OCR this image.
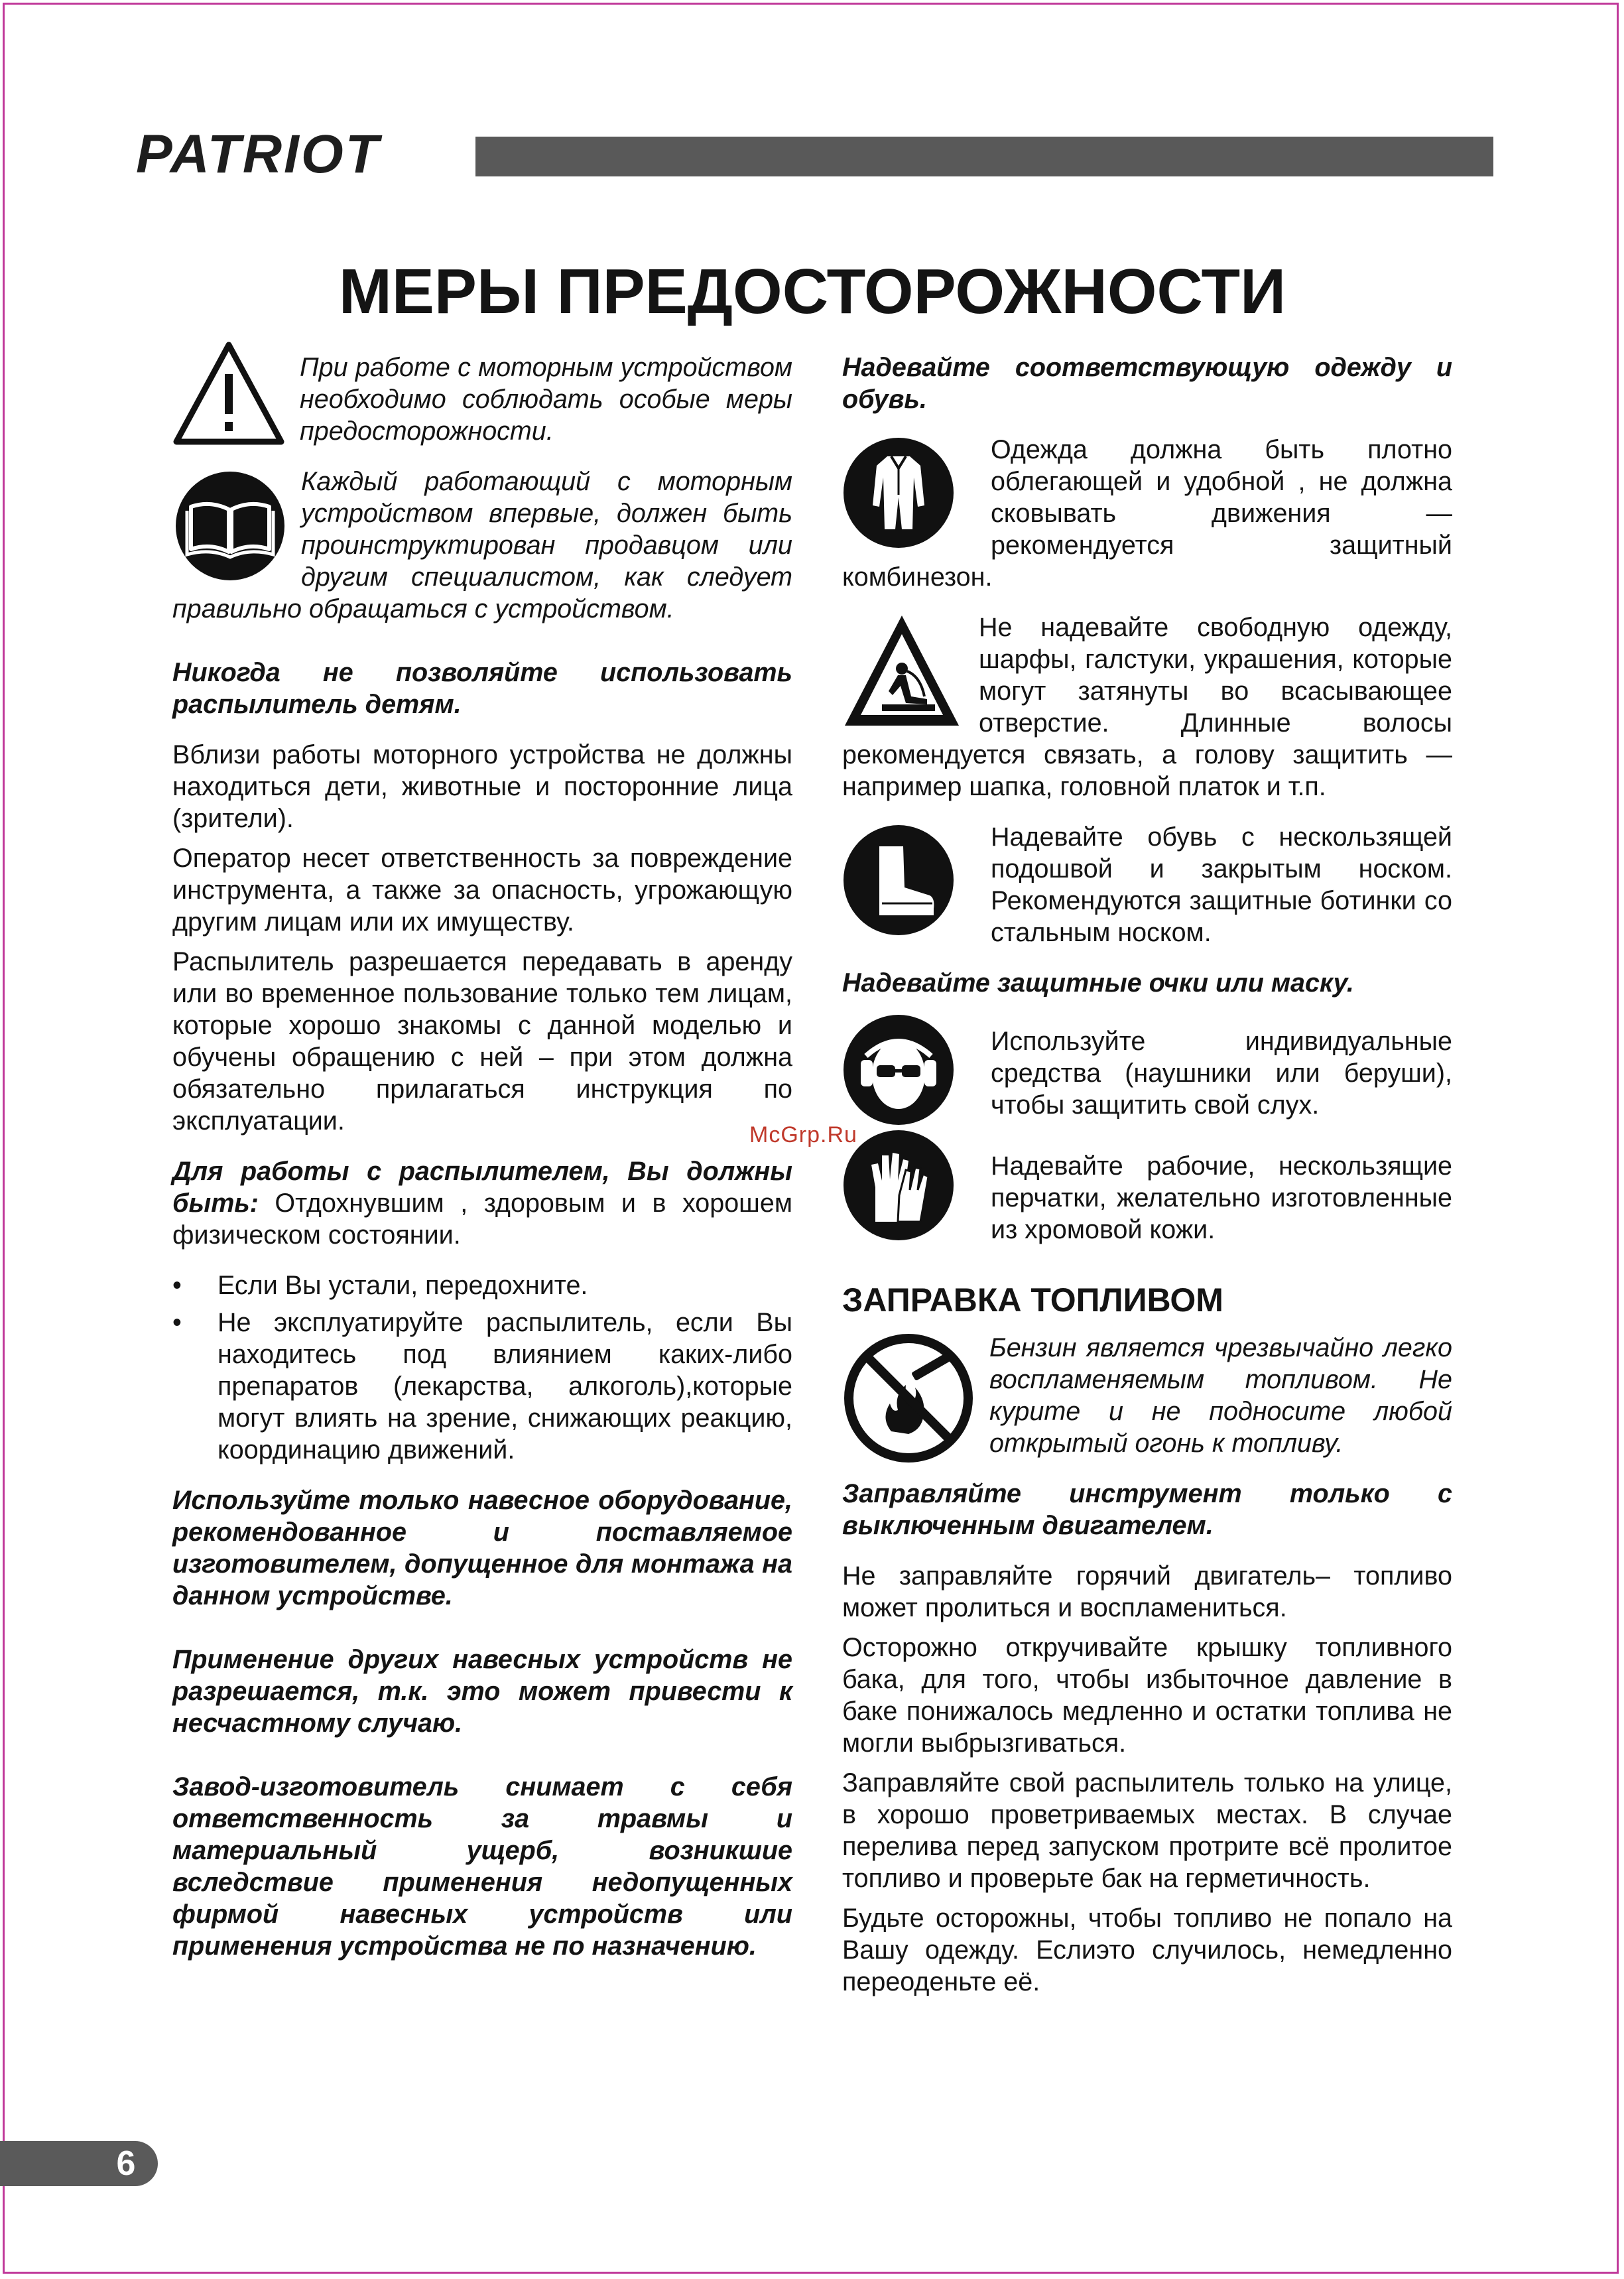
PATRIOT
МЕРЫ ПРЕДОСТОРОЖНОСТИ

При работе с моторным устройством необходимо соблюдать особые меры предосторожности.

Каждый работающий с моторным устройством впервые, должен быть проинструктирован продавцом или другим специалистом, как следует правильно обращаться с устройством.

Никогда не позволяйте использовать распылитель детям.

Вблизи работы моторного устройства не должны находиться дети, животные и посторонние лица (зрители).

Оператор несет ответственность за повреждение инструмента, а также за опасность, угрожающую другим лицам или их имуществу.

Распылитель разрешается передавать в аренду или во временное пользование только тем лицам, которые хорошо знакомы с данной моделью и обучены обращению с ней – при этом должна обязательно прилагаться инструкция по эксплуатации.

Для работы с распылителем, Вы должны быть: Отдохнувшим , здоровым и в хорошем физическом состоянии.

• Если Вы устали, передохните.
• Не эксплуатируйте распылитель, если Вы находитесь под влиянием каких-либо препаратов (лекарства, алкоголь),которые могут влиять на зрение, снижающих реакцию, координацию движений.

Используйте только навесное оборудование, рекомендованное и поставляемое изготовителем, допущенное для монтажа на данном устройстве.

Применение других навесных устройств не разрешается, т.к. это может привести к несчастному случаю.

Завод-изготовитель снимает с себя ответственность за травмы и материальный ущерб, возникшие вследствие применения недопущенных фирмой навесных устройств или применения устройства не по назначению.

Надевайте соответствующую одежду и обувь.

Одежда должна быть плотно облегающей и удобной , не должна сковывать движения — рекомендуется защитный комбинезон.

Не надевайте свободную одежду, шарфы, галстуки, украшения, которые могут затянуты во всасывающее отверстие. Длинные волосы рекомендуется связать, а голову защитить — например шапка, головной платок и т.п.

Надевайте обувь с нескользящей подошвой и закрытым носком. Рекомендуются защитные ботинки со стальным носком.

Надевайте защитные очки или маску.

Используйте индивидуальные средства (наушники или беруши), чтобы защитить свой слух.

Надевайте рабочие, нескользящие перчатки, желательно изготовленные из хромовой кожи.

ЗАПРАВКА ТОПЛИВОМ

Бензин является чрезвычайно легко воспламеняемым топливом. Не курите и не подносите любой открытый огонь к топливу.

Заправляйте инструмент только с выключенным двигателем.

Не заправляйте горячий двигатель– топливо может пролиться и воспламениться.

Осторожно откручивайте крышку топливного бака, для того, чтобы избыточное давление в баке понижалось медленно и остатки топлива не могли выбрызгиваться.

Заправляйте свой распылитель только на улице, в хорошо проветриваемых местах. В случае перелива перед запуском протрите всё пролитое топливо и проверьте бак на герметичность.

Будьте осторожны, чтобы топливо не попало на Вашу одежду. Еслиэто случилось, немедленно переоденьте её.

McGrp.Ru
6
